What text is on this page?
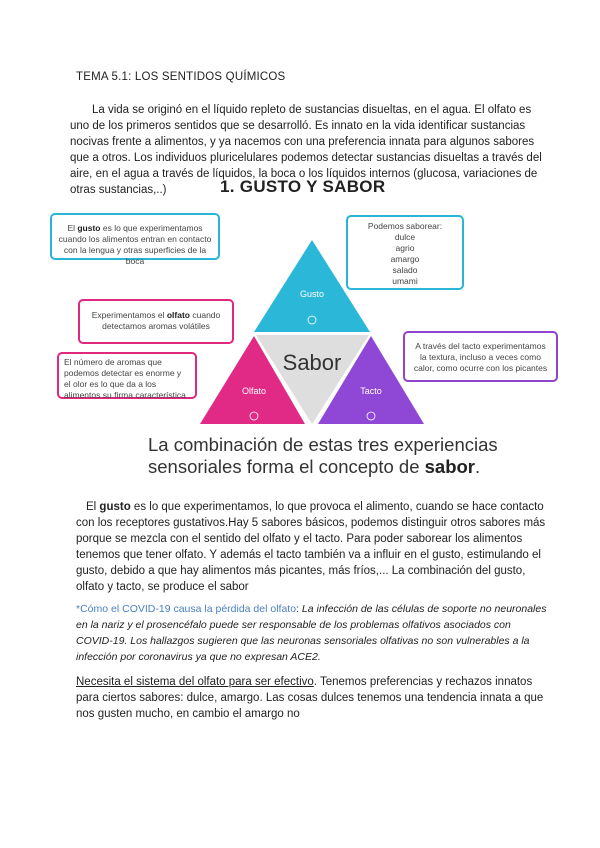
TEMA 5.1: LOS SENTIDOS QUÍMICOS
La vida se originó en el líquido repleto de sustancias disueltas, en el agua. El olfato es uno de los primeros sentidos que se desarrolló. Es innato en la vida identificar sustancias nocivas frente a alimentos, y ya nacemos con una preferencia innata para algunos sabores que a otros. Los individuos pluricelulares podemos detectar sustancias disueltas a través del aire, en el agua a través de líquidos, la boca o los líquidos internos (glucosa, variaciones de otras sustancias,..)	1. GUSTO Y SABOR
Gusto
Olfato	Tacto
Sabor
El gusto es lo que experimentamos cuando los alimentos entran en contacto con la lengua y otras superficies de la boca
Podemos saborear:
dulce
agrio
amargo
salado
umami
Experimentamos el olfato cuando detectamos aromas volátiles
El número de aromas que podemos detectar es enorme y el olor es lo que da a los alimentos su firma característica
A través del tacto experimentamos la textura, incluso a veces como calor, como ocurre con los picantes
La combinación de estas tres experiencias sensoriales forma el concepto de sabor.
El gusto es lo que experimentamos, lo que provoca el alimento, cuando se hace contacto con los receptores gustativos.Hay 5 sabores básicos, podemos distinguir otros sabores más porque se mezcla con el sentido del olfato y el tacto. Para poder saborear los alimentos tenemos que tener olfato. Y además el tacto también va a influir en el gusto, estimulando el gusto, debido a que hay alimentos más picantes, más fríos,... La combinación del gusto, olfato y tacto, se produce el sabor
*Cómo el COVID-19 causa la pérdida del olfato: La infección de las células de soporte no neuronales en la nariz y el prosencéfalo puede ser responsable de los problemas olfativos asociados con COVID-19. Los hallazgos sugieren que las neuronas sensoriales olfativas no son vulnerables a la infección por coronavirus ya que no expresan ACE2.
Necesita el sistema del olfato para ser efectivo. Tenemos preferencias y rechazos innatos para ciertos sabores: dulce, amargo. Las cosas dulces tenemos una tendencia innata a que nos gusten mucho, en cambio el amargo no
